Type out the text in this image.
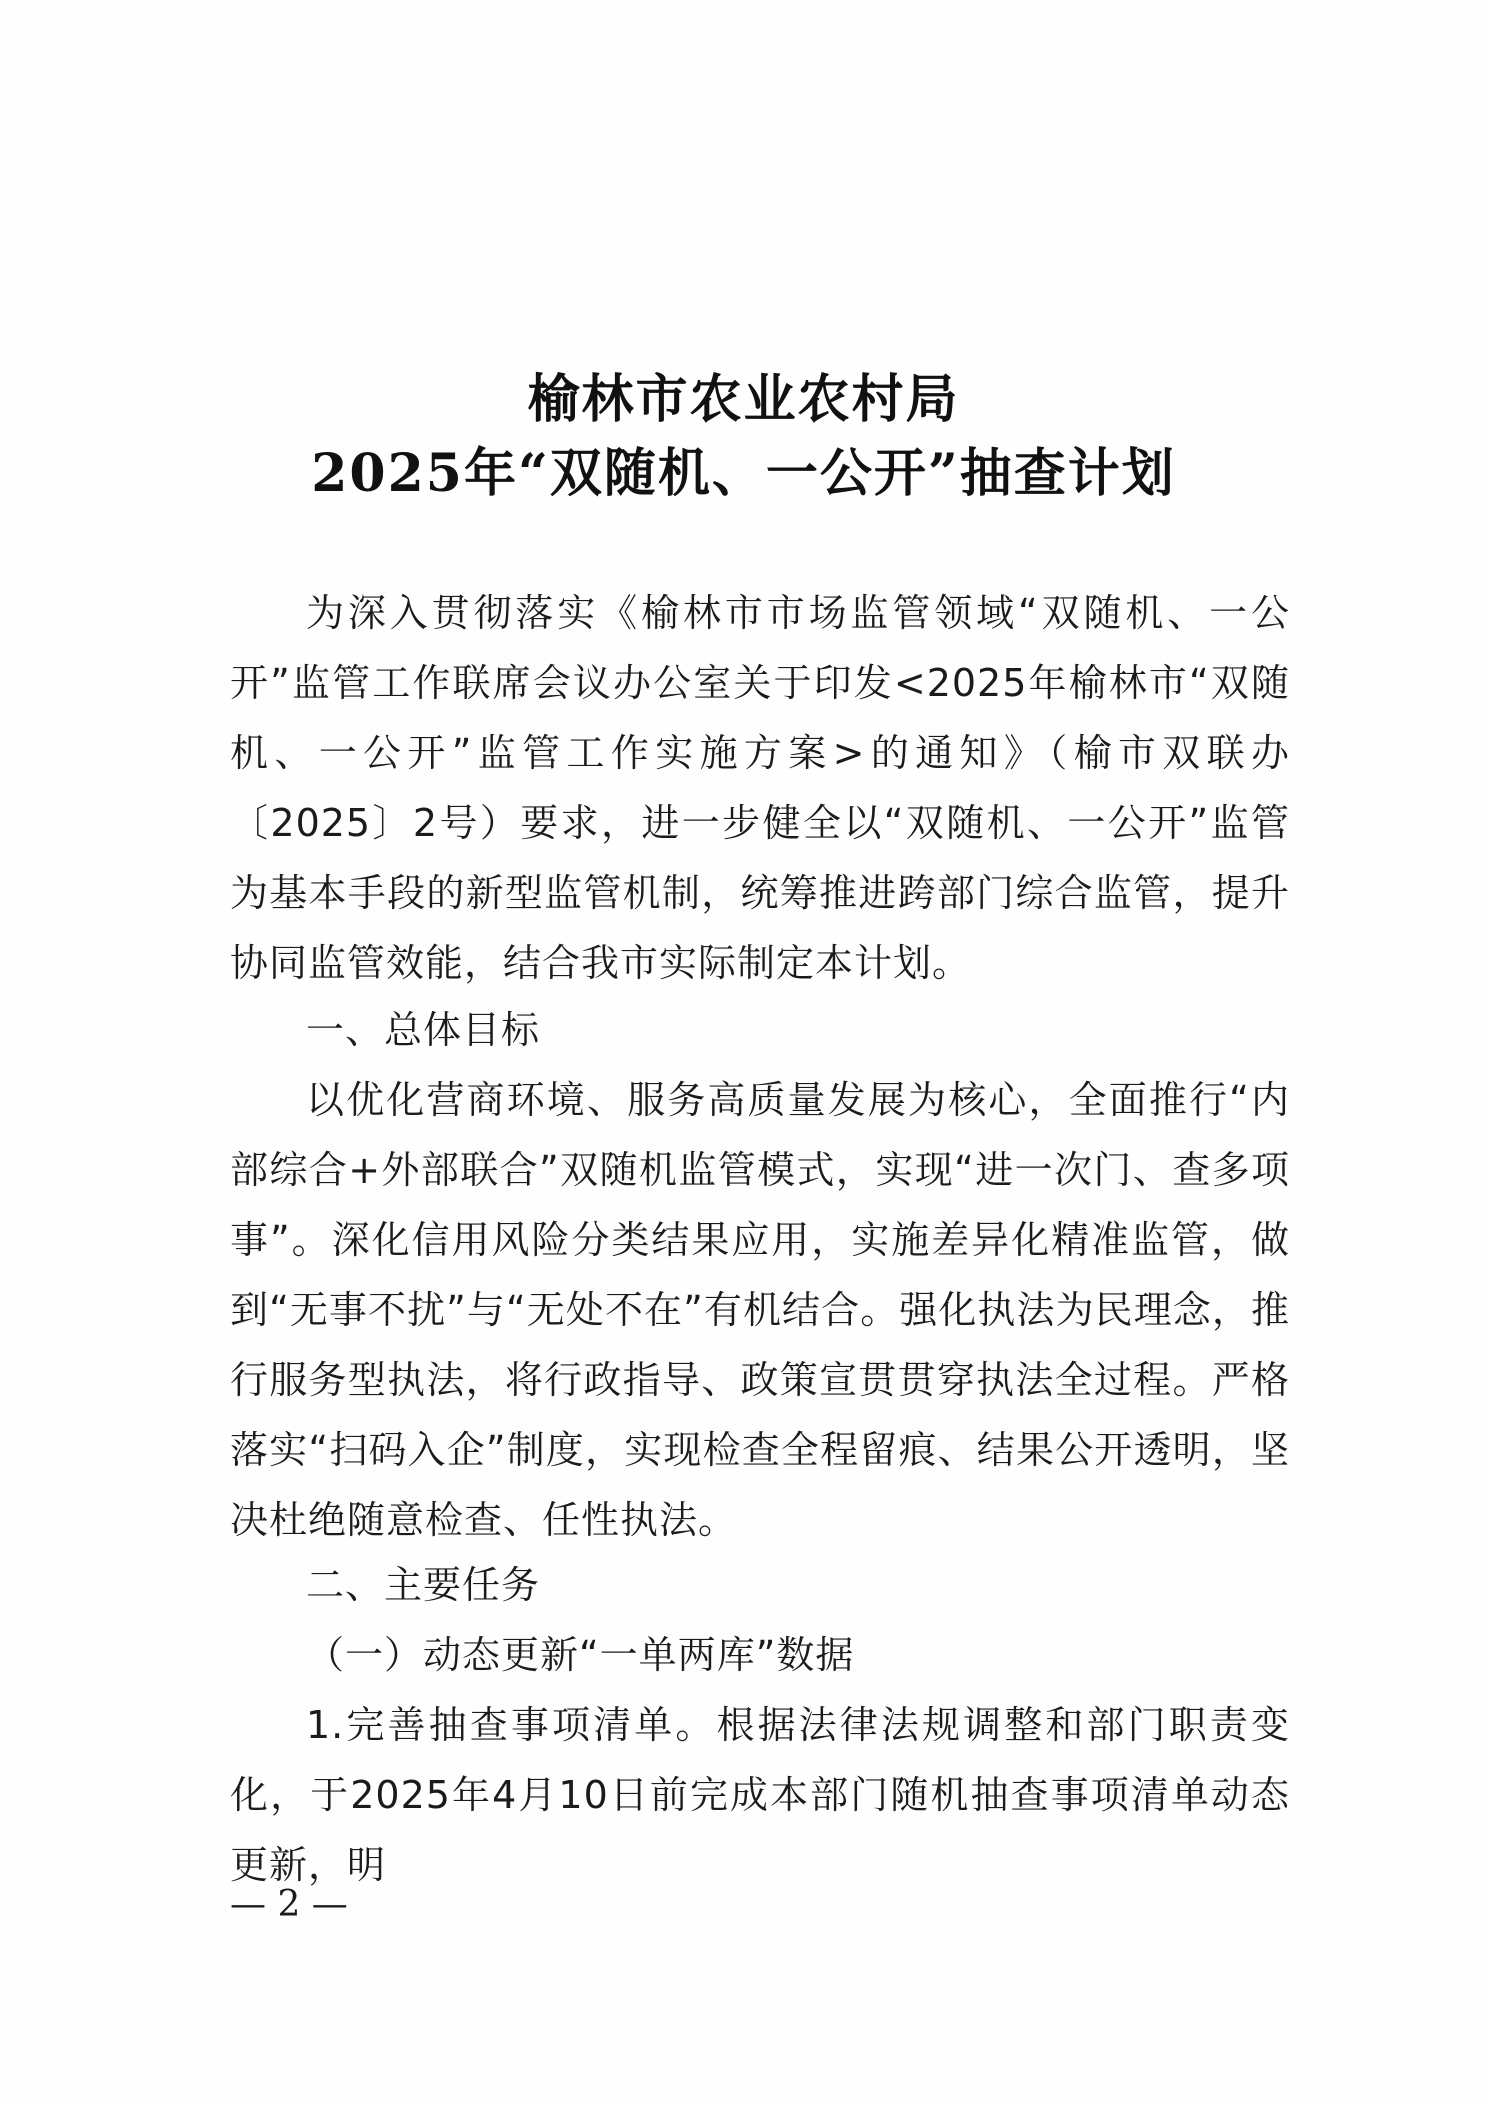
榆林市农业农村局
2025年“双随机、一公开”抽查计划
为深入贯彻落实《榆林市市场监管领域“双随机、一公开”监管工作联席会议办公室关于印发<2025年榆林市“双随机、一公开”监管工作实施方案>的通知》（榆市双联办〔2025〕2号）要求，进一步健全以“双随机、一公开”监管为基本手段的新型监管机制，统筹推进跨部门综合监管，提升协同监管效能，结合我市实际制定本计划。
一、总体目标
以优化营商环境、服务高质量发展为核心，全面推行“内部综合+外部联合”双随机监管模式，实现“进一次门、查多项事”。深化信用风险分类结果应用，实施差异化精准监管，做到“无事不扰”与“无处不在”有机结合。强化执法为民理念，推行服务型执法，将行政指导、政策宣贯贯穿执法全过程。严格落实“扫码入企”制度，实现检查全程留痕、结果公开透明，坚决杜绝随意检查、任性执法。
二、主要任务
（一）动态更新“一单两库”数据
1.完善抽查事项清单。根据法律法规调整和部门职责变化，于2025年4月10日前完成本部门随机抽查事项清单动态更新，明
— 2 —
